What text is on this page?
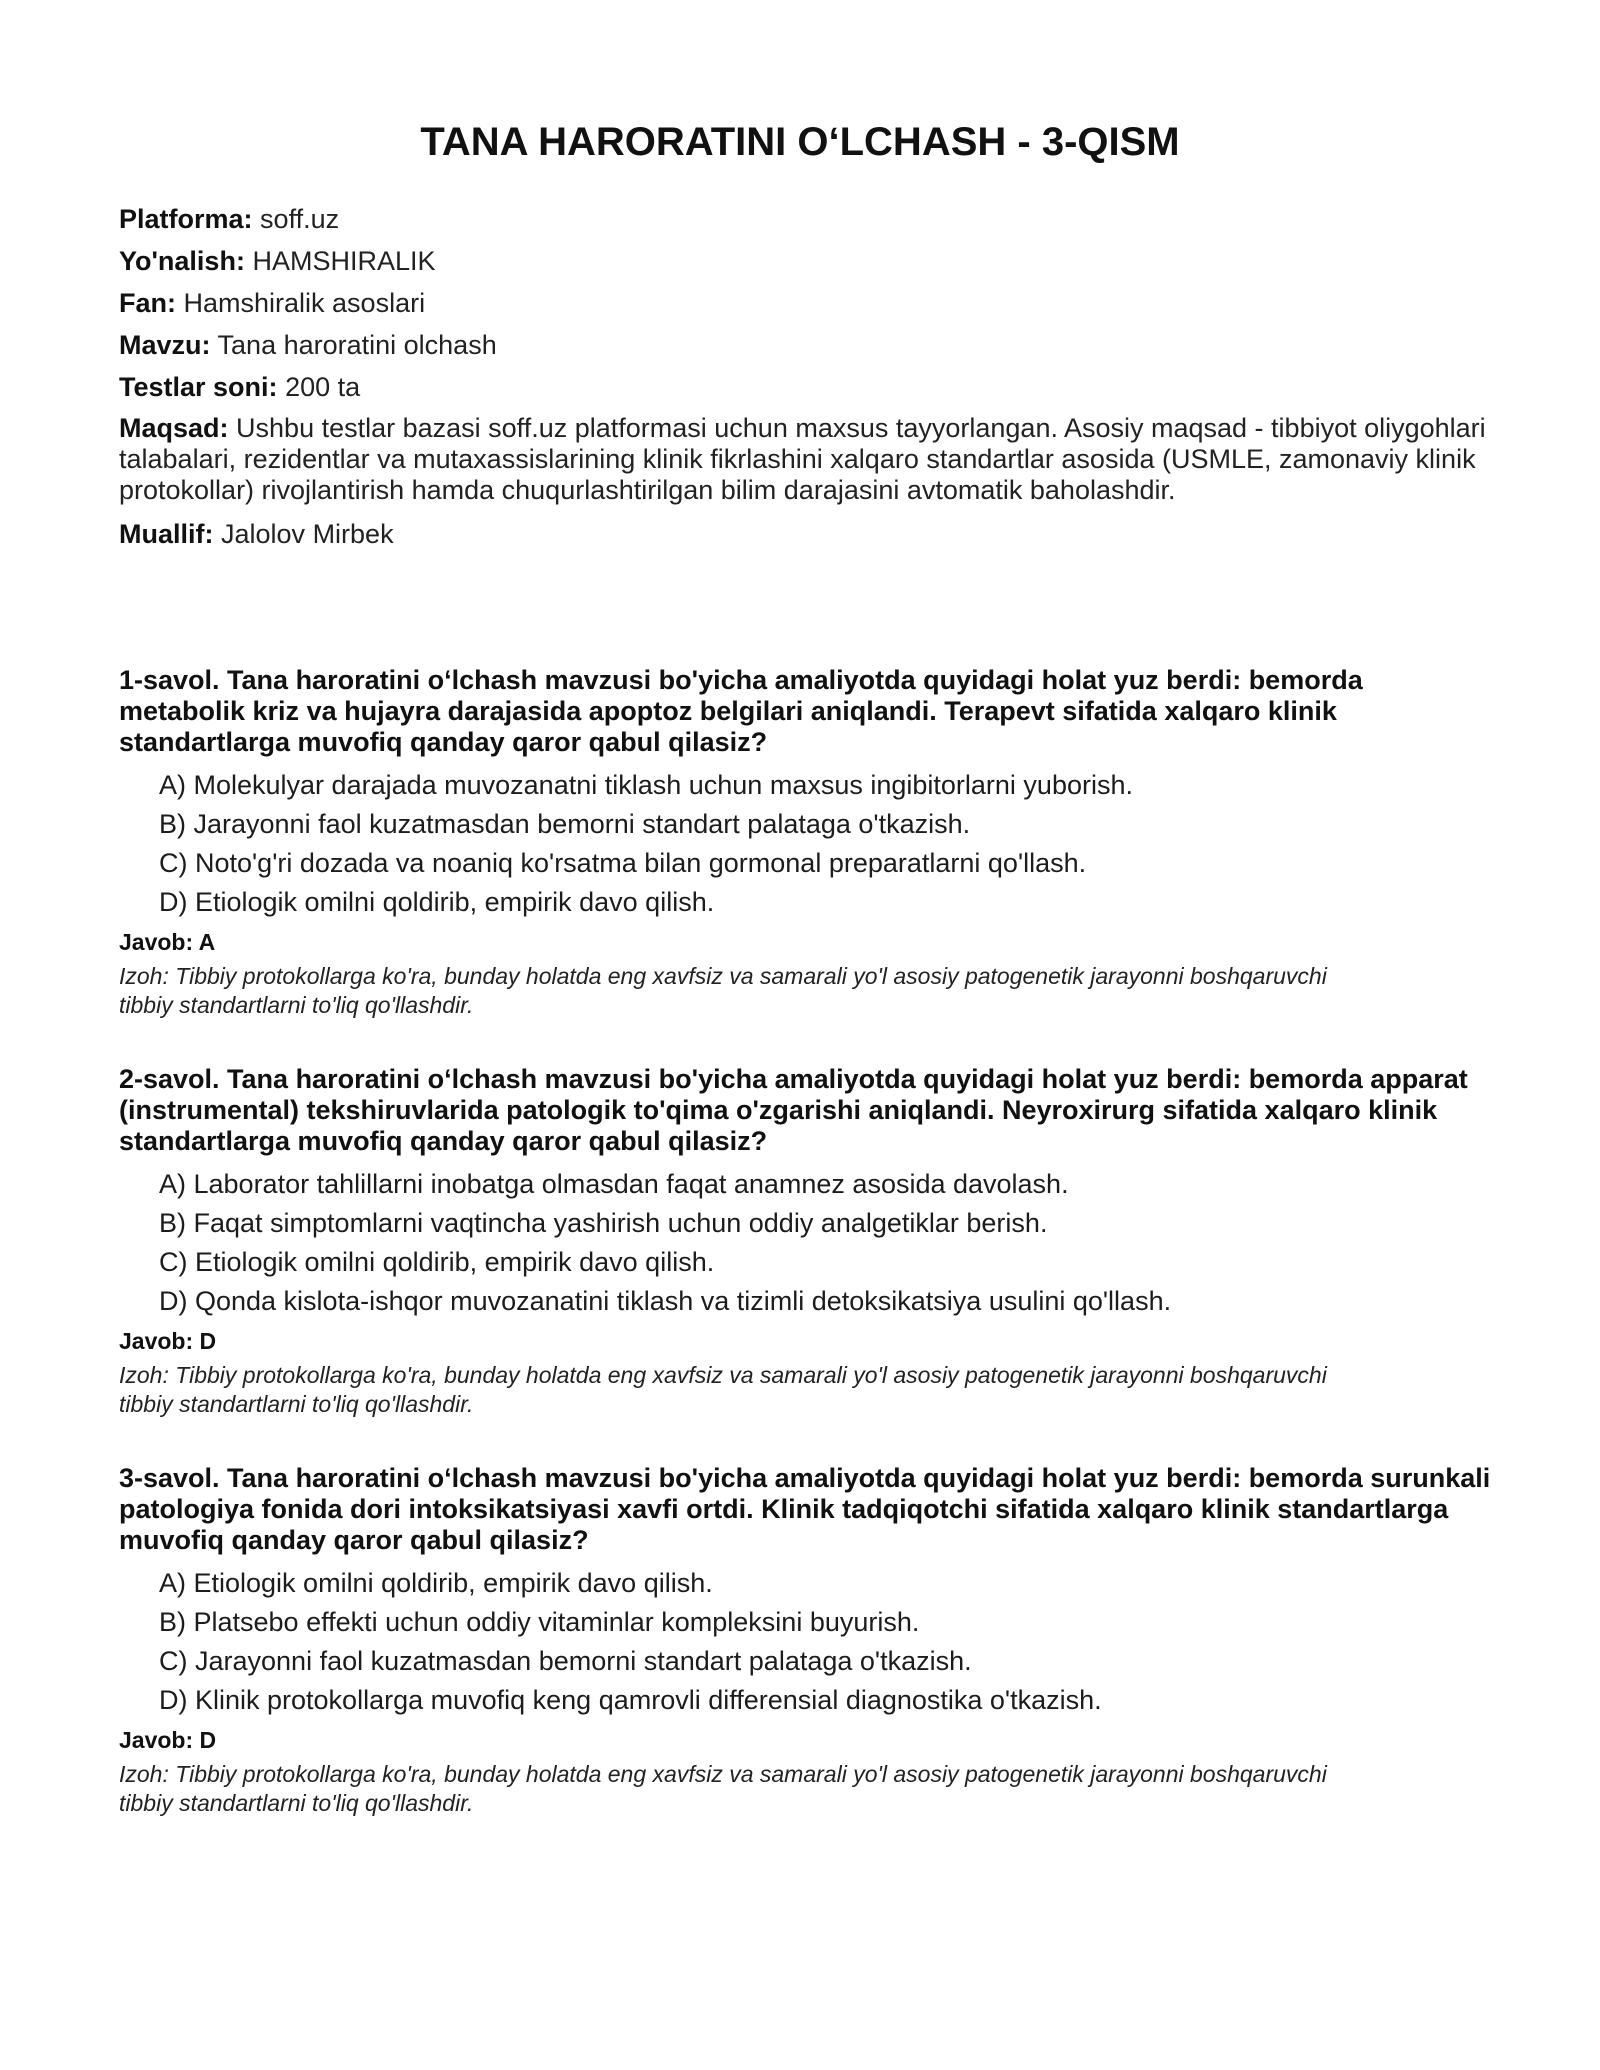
TANA HARORATINI O‘LCHASH - 3-QISM
Platforma: soff.uz
Yo'nalish: HAMSHIRALIK
Fan: Hamshiralik asoslari
Mavzu: Tana haroratini olchash
Testlar soni: 200 ta
Maqsad: Ushbu testlar bazasi soff.uz platformasi uchun maxsus tayyorlangan. Asosiy maqsad - tibbiyot oliygohlari talabalari, rezidentlar va mutaxassislarining klinik fikrlashini xalqaro standartlar asosida (USMLE, zamonaviy klinik protokollar) rivojlantirish hamda chuqurlashtirilgan bilim darajasini avtomatik baholashdir.
Muallif: Jalolov Mirbek
1-savol. Tana haroratini o‘lchash mavzusi bo'yicha amaliyotda quyidagi holat yuz berdi: bemorda metabolik kriz va hujayra darajasida apoptoz belgilari aniqlandi. Terapevt sifatida xalqaro klinik standartlarga muvofiq qanday qaror qabul qilasiz?
A) Molekulyar darajada muvozanatni tiklash uchun maxsus ingibitorlarni yuborish.
B) Jarayonni faol kuzatmasdan bemorni standart palataga o'tkazish.
C) Noto'g'ri dozada va noaniq ko'rsatma bilan gormonal preparatlarni qo'llash.
D) Etiologik omilni qoldirib, empirik davo qilish.
Javob: A
Izoh: Tibbiy protokollarga ko'ra, bunday holatda eng xavfsiz va samarali yo'l asosiy patogenetik jarayonni boshqaruvchi tibbiy standartlarni to'liq qo'llashdir.
2-savol. Tana haroratini o‘lchash mavzusi bo'yicha amaliyotda quyidagi holat yuz berdi: bemorda apparat (instrumental) tekshiruvlarida patologik to'qima o'zgarishi aniqlandi. Neyroxirurg sifatida xalqaro klinik standartlarga muvofiq qanday qaror qabul qilasiz?
A) Laborator tahlillarni inobatga olmasdan faqat anamnez asosida davolash.
B) Faqat simptomlarni vaqtincha yashirish uchun oddiy analgetiklar berish.
C) Etiologik omilni qoldirib, empirik davo qilish.
D) Qonda kislota-ishqor muvozanatini tiklash va tizimli detoksikatsiya usulini qo'llash.
Javob: D
Izoh: Tibbiy protokollarga ko'ra, bunday holatda eng xavfsiz va samarali yo'l asosiy patogenetik jarayonni boshqaruvchi tibbiy standartlarni to'liq qo'llashdir.
3-savol. Tana haroratini o‘lchash mavzusi bo'yicha amaliyotda quyidagi holat yuz berdi: bemorda surunkali patologiya fonida dori intoksikatsiyasi xavfi ortdi. Klinik tadqiqotchi sifatida xalqaro klinik standartlarga muvofiq qanday qaror qabul qilasiz?
A) Etiologik omilni qoldirib, empirik davo qilish.
B) Platsebo effekti uchun oddiy vitaminlar kompleksini buyurish.
C) Jarayonni faol kuzatmasdan bemorni standart palataga o'tkazish.
D) Klinik protokollarga muvofiq keng qamrovli differensial diagnostika o'tkazish.
Javob: D
Izoh: Tibbiy protokollarga ko'ra, bunday holatda eng xavfsiz va samarali yo'l asosiy patogenetik jarayonni boshqaruvchi tibbiy standartlarni to'liq qo'llashdir.
